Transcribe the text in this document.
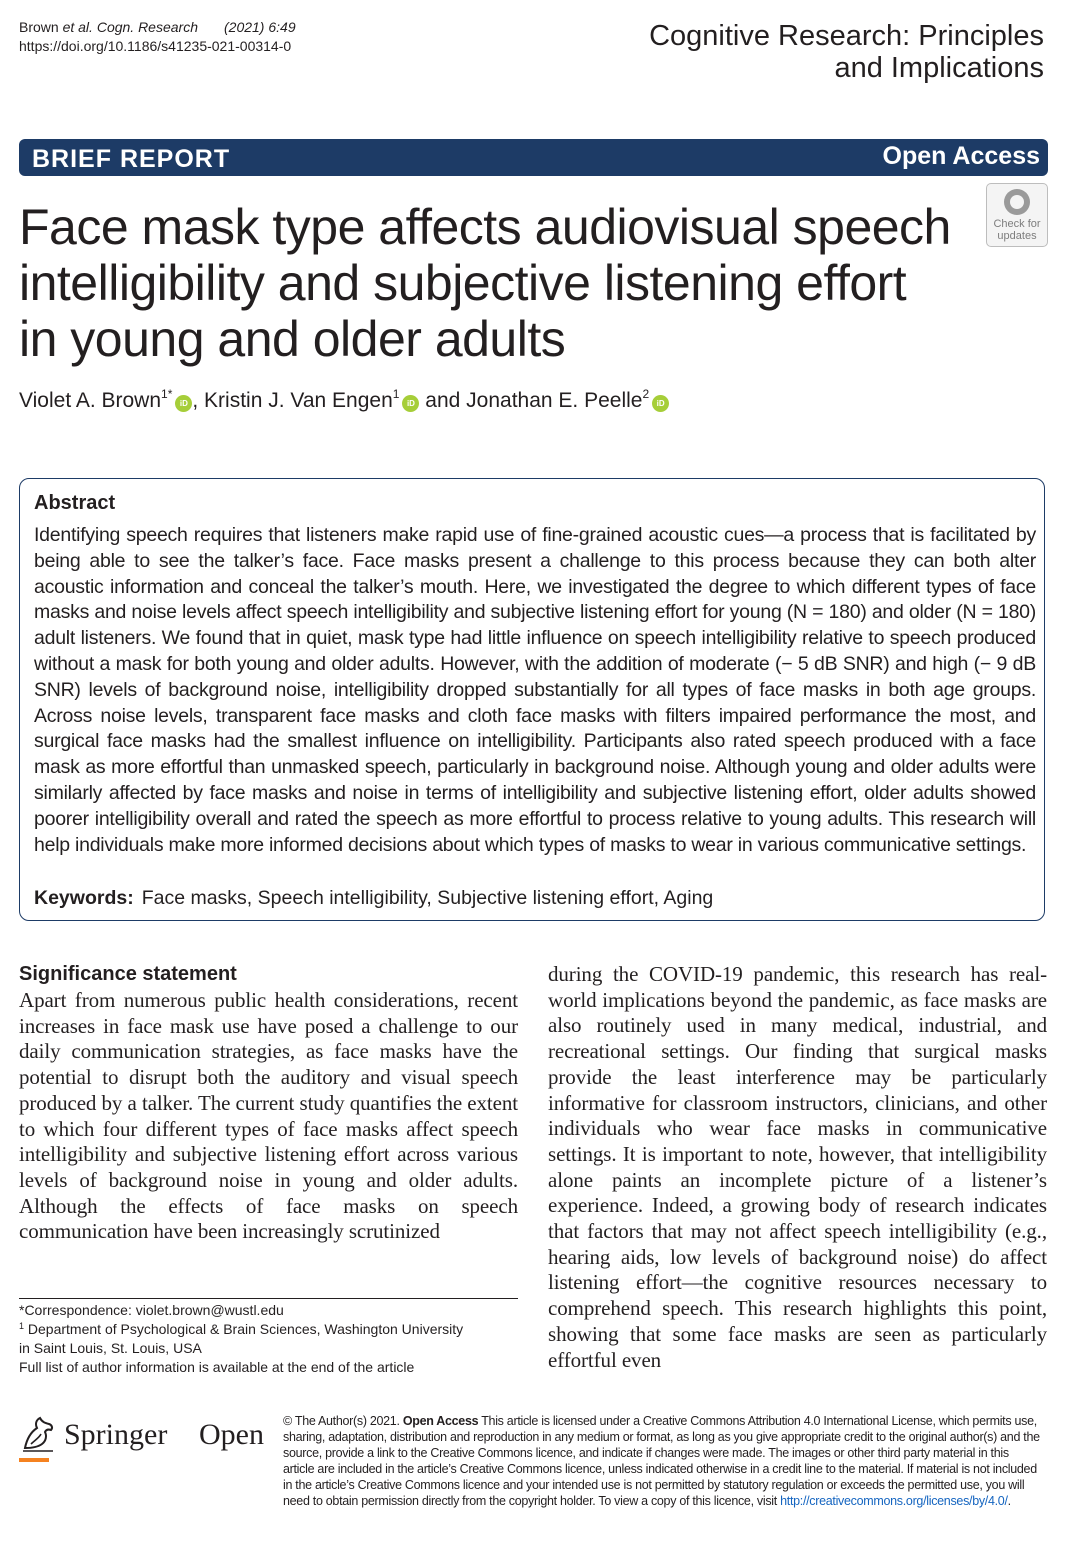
Brown et al. Cogn. Research (2021) 6:49
https://doi.org/10.1186/s41235-021-00314-0	Cognitive Research: Principles
and Implications
BRIEF REPORT	Open Access
Face mask type affects audiovisual speech
intelligibility and subjective listening effort
in young and older adults
Check for
updates
Violet A. Brown$^{1*}$iD , Kristin J. Van Engen$^1$iD and Jonathan E. Peelle$^2$iD
Abstract
Identifying speech requires that listeners make rapid use of fine-grained acoustic cues—a process that is facilitated by being able to see the talker’s face. Face masks present a challenge to this process because they can both alter acoustic information and conceal the talker’s mouth. Here, we investigated the degree to which different types of face masks and noise levels affect speech intelligibility and subjective listening effort for young (N = 180) and older (N = 180) adult listeners. We found that in quiet, mask type had little influence on speech intelligibility relative to speech produced without a mask for both young and older adults. However, with the addition of moderate (− 5 dB SNR) and high (− 9 dB SNR) levels of background noise, intelligibility dropped substantially for all types of face masks in both age groups. Across noise levels, transparent face masks and cloth face masks with filters impaired performance the most, and surgical face masks had the smallest influence on intelligibility. Participants also rated speech produced with a face mask as more effortful than unmasked speech, particularly in background noise. Although young and older adults were similarly affected by face masks and noise in terms of intelligibility and subjective listening effort, older adults showed poorer intelligibility overall and rated the speech as more effortful to process relative to young adults. This research will help individuals make more informed decisions about which types of masks to wear in various communicative settings.
Keywords: Face masks, Speech intelligibility, Subjective listening effort, Aging
Significance statement
Apart from numerous public health considerations, recent increases in face mask use have posed a challenge to our daily communication strategies, as face masks have the potential to disrupt both the auditory and visual speech produced by a talker. The current study quantifies the extent to which four different types of face masks affect speech intelligibility and subjective listening effort across various levels of background noise in young and older adults. Although the effects of face masks on speech communication have been increasingly scrutinized
during the COVID-19 pandemic, this research has real-world implications beyond the pandemic, as face masks are also routinely used in many medical, industrial, and recreational settings. Our finding that surgical masks provide the least interference may be particularly informative for classroom instructors, clinicians, and other individuals who wear face masks in communicative settings. It is important to note, however, that intelligibility alone paints an incomplete picture of a listener’s experience. Indeed, a growing body of research indicates that factors that may not affect speech intelligibility (e.g., hearing aids, low levels of background noise) do affect listening effort—the cognitive resources necessary to comprehend speech. This research highlights this point, showing that some face masks are seen as particularly effortful even
*Correspondence: violet.brown@wustl.edu
$^1$ Department of Psychological & Brain Sciences, Washington University
in Saint Louis, St. Louis, USA
Full list of author information is available at the end of the article
Springer Open © The Author(s) 2021. Open Access This article is licensed under a Creative Commons Attribution 4.0 International License, which permits use, sharing, adaptation, distribution and reproduction in any medium or format, as long as you give appropriate credit to the original author(s) and the source, provide a link to the Creative Commons licence, and indicate if changes were made. The images or other third party material in this article are included in the article’s Creative Commons licence, unless indicated otherwise in a credit line to the material. If material is not included in the article’s Creative Commons licence and your intended use is not permitted by statutory regulation or exceeds the permitted use, you will need to obtain permission directly from the copyright holder. To view a copy of this licence, visit http://creativecommons.org/licenses/by/4.0/.
